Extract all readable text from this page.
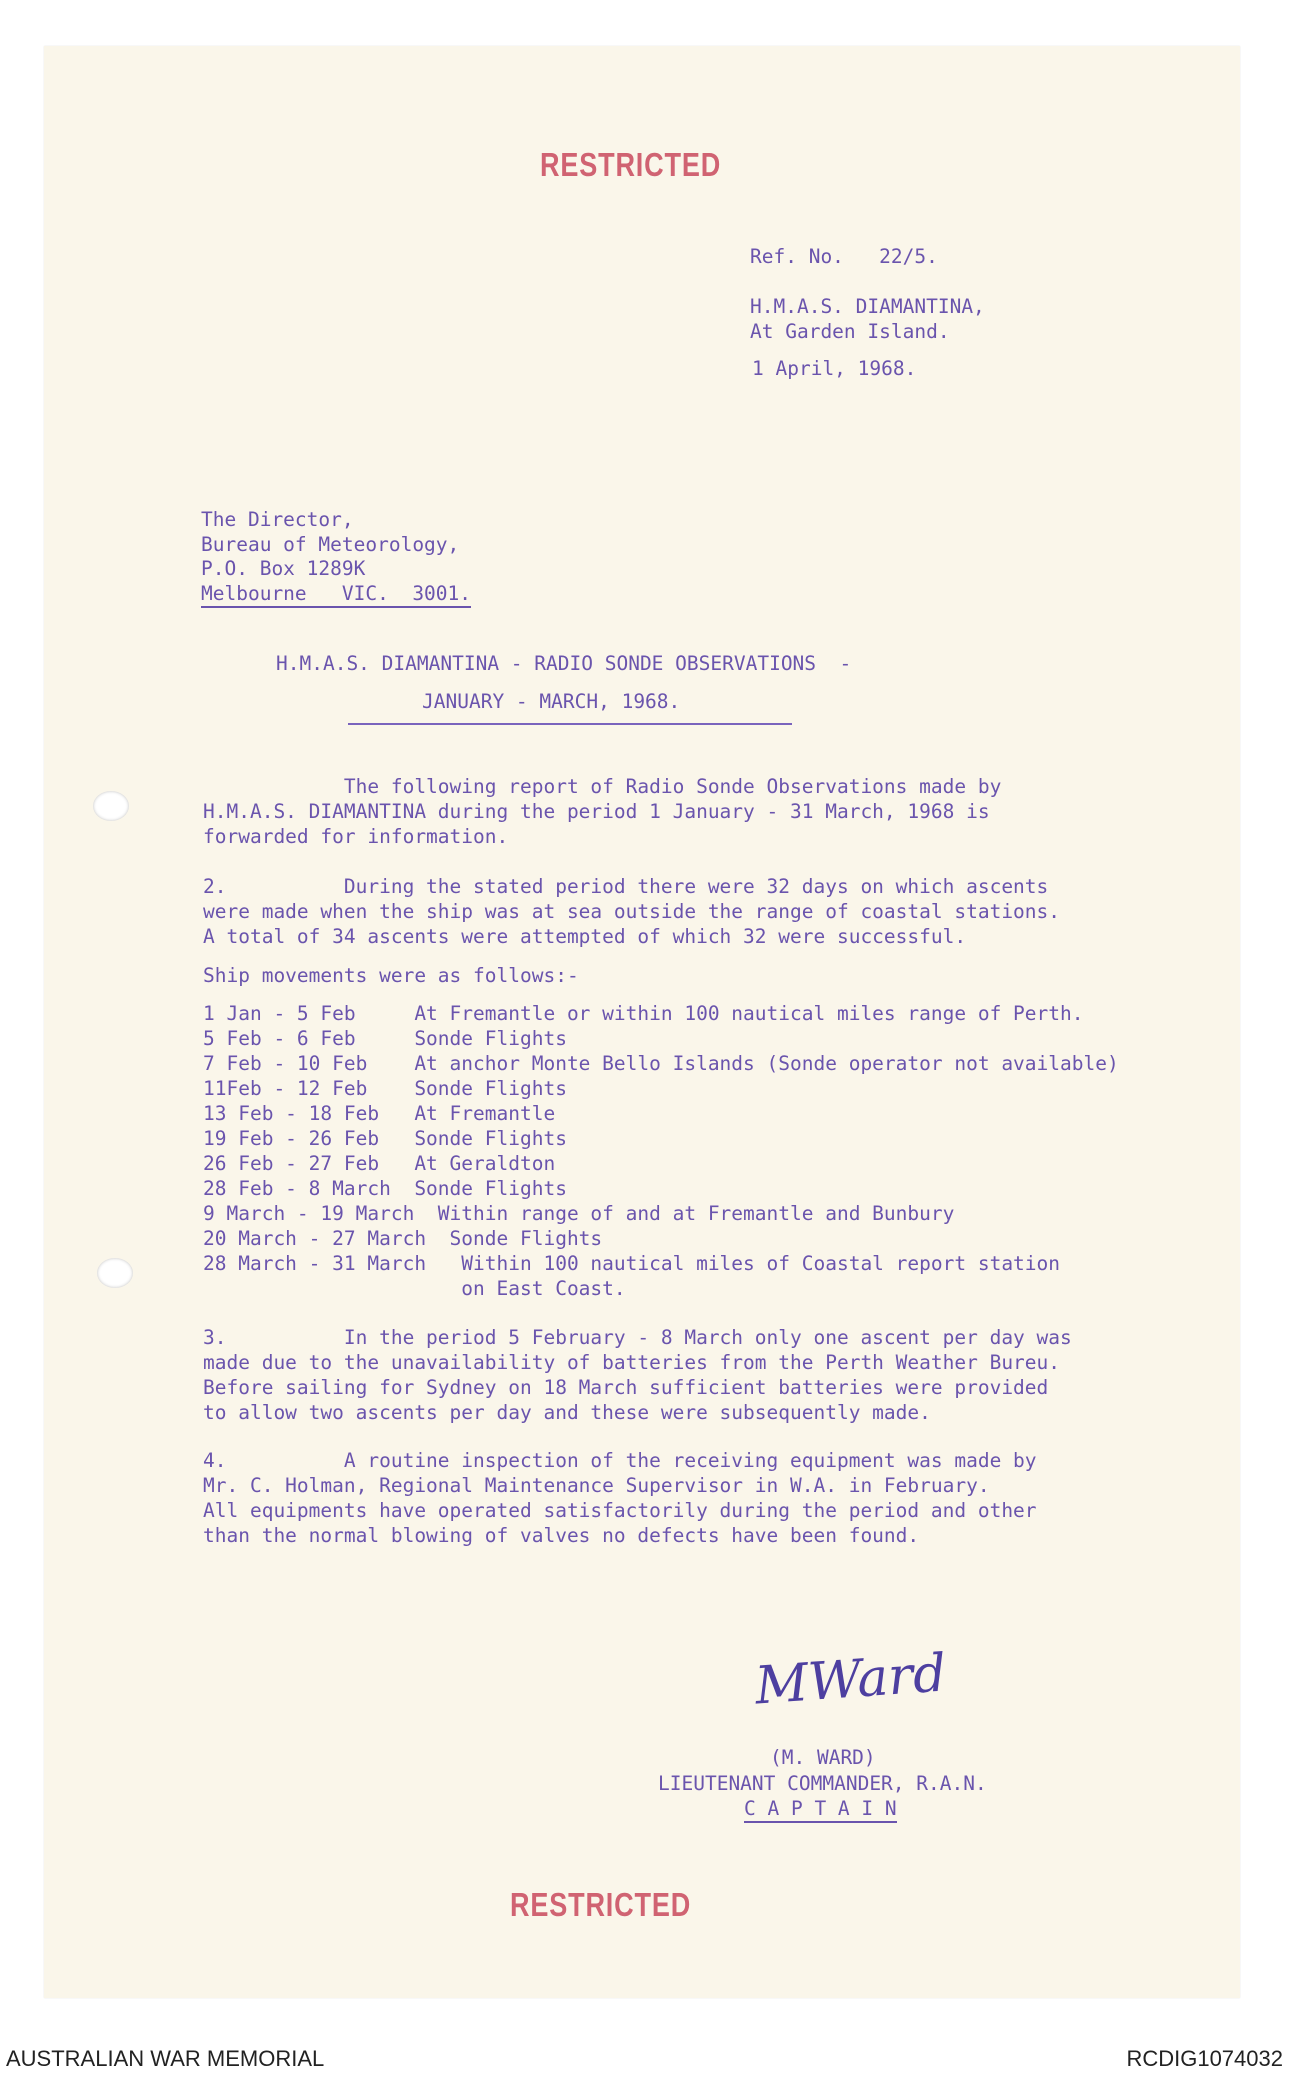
RESTRICTED
Ref. No.   22/5.
H.M.A.S. DIAMANTINA,
At Garden Island.
1 April, 1968.
The Director,
Bureau of Meteorology,
P.O. Box 1289K
Melbourne   VIC.  3001.
H.M.A.S. DIAMANTINA - RADIO SONDE OBSERVATIONS  -
JANUARY - MARCH, 1968.
The following report of Radio Sonde Observations made by
H.M.A.S. DIAMANTINA during the period 1 January - 31 March, 1968 is
forwarded for information.
2.          During the stated period there were 32 days on which ascents
were made when the ship was at sea outside the range of coastal stations.
A total of 34 ascents were attempted of which 32 were successful.
Ship movements were as follows:-
1 Jan - 5 Feb     At Fremantle or within 100 nautical miles range of Perth.
5 Feb - 6 Feb     Sonde Flights
7 Feb - 10 Feb    At anchor Monte Bello Islands (Sonde operator not available)
11Feb - 12 Feb    Sonde Flights
13 Feb - 18 Feb   At Fremantle
19 Feb - 26 Feb   Sonde Flights
26 Feb - 27 Feb   At Geraldton
28 Feb - 8 March  Sonde Flights
9 March - 19 March  Within range of and at Fremantle and Bunbury
20 March - 27 March  Sonde Flights
28 March - 31 March   Within 100 nautical miles of Coastal report station
on East Coast.
3.          In the period 5 February - 8 March only one ascent per day was
made due to the unavailability of batteries from the Perth Weather Bureu.
Before sailing for Sydney on 18 March sufficient batteries were provided
to allow two ascents per day and these were subsequently made.
4.          A routine inspection of the receiving equipment was made by
Mr. C. Holman, Regional Maintenance Supervisor in W.A. in February.
All equipments have operated satisfactorily during the period and other
than the normal blowing of valves no defects have been found.
MWard
(M. WARD)
LIEUTENANT COMMANDER, R.A.N.
C A P T A I N
RESTRICTED
AUSTRALIAN WAR MEMORIAL	RCDIG1074032
